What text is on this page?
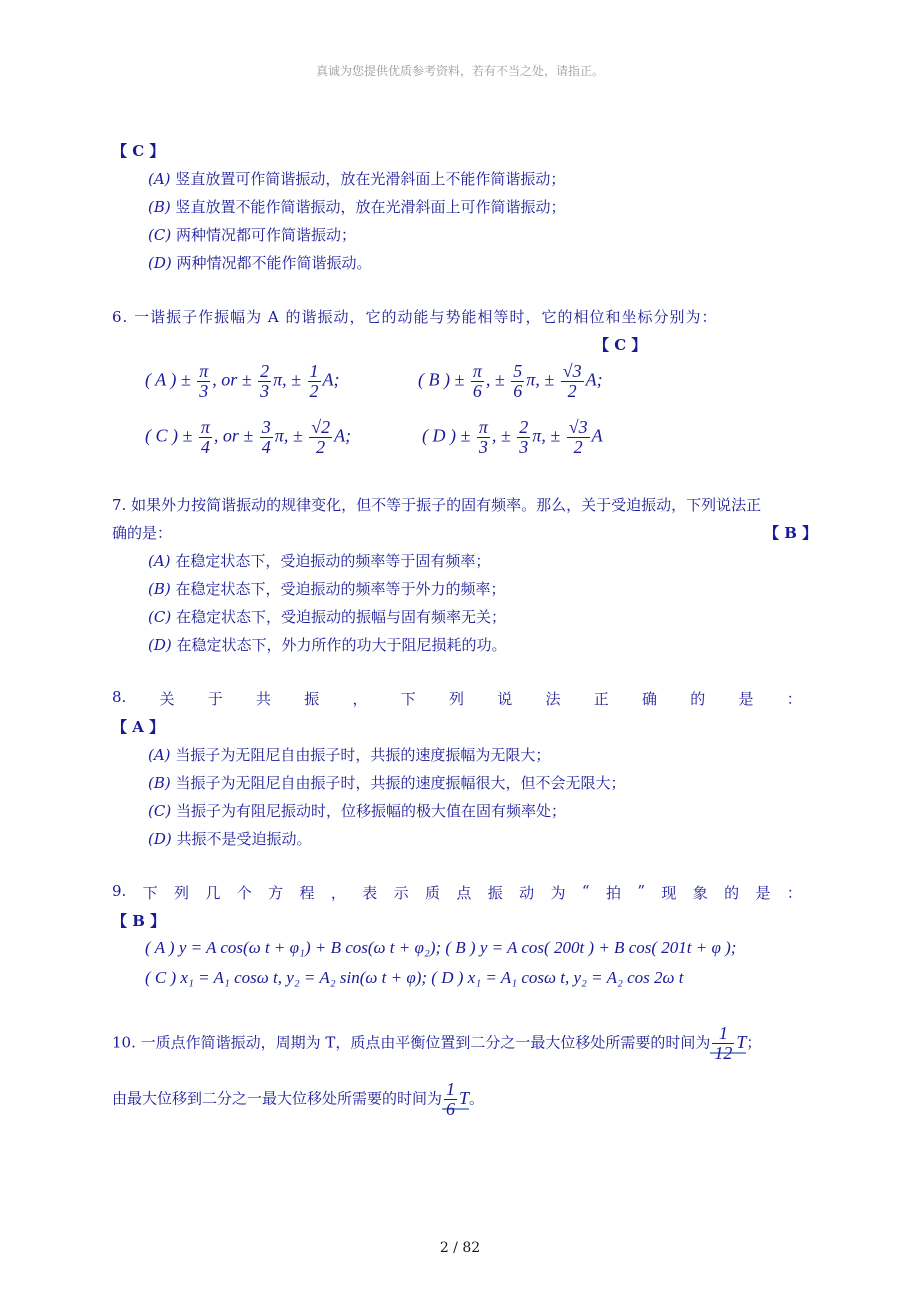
真诚为您提供优质参考资料，若有不当之处，请指正。
【 C 】
(A) 竖直放置可作简谐振动，放在光滑斜面上不能作简谐振动；
(B) 竖直放置不能作简谐振动，放在光滑斜面上可作简谐振动；
(C) 两种情况都可作简谐振动；
(D) 两种情况都不能作简谐振动。
6. 一谐振子作振幅为 A 的谐振动，它的动能与势能相等时，它的相位和坐标分别为：
【 C 】
( A ) ± $\frac{\pi}{3}$ , or ± $\frac{2}{3} \pi$, ± $\frac{1}{2} A$;	( B ) ± $\frac{\pi}{6}$ , ± $\frac{5}{6} \pi$, ± $\frac{√3}{2} A$;
( C ) ± $\frac{\pi}{4}$ , or ± $\frac{3}{4} \pi$, ± $\frac{√2}{2} A$;	( D ) ± $\frac{\pi}{3}$ , ± $\frac{2}{3} \pi$, ± $\frac{√3}{2}$ A
7. 如果外力按简谐振动的规律变化，但不等于振子的固有频率。那么，关于受迫振动，下列说法正
确的是：	【 B 】
(A) 在稳定状态下，受迫振动的频率等于固有频率；
(B) 在稳定状态下，受迫振动的频率等于外力的频率；
(C) 在稳定状态下，受迫振动的振幅与固有频率无关；
(D) 在稳定状态下，外力所作的功大于阻尼损耗的功。
8. 关 于 共 振 ， 下 列 说 法 正 确 的 是 ：
【 A 】
(A) 当振子为无阻尼自由振子时，共振的速度振幅为无限大；
(B) 当振子为无阻尼自由振子时，共振的速度振幅很大，但不会无限大；
(C) 当振子为有阻尼振动时，位移振幅的极大值在固有频率处；
(D) 共振不是受迫振动。
9. 下 列 几 个 方 程 ， 表 示 质 点 振 动 为 “ 拍 ” 现 象 的 是 ：
【 B 】
( A ) y = A cos(ω t + φ₁) + B cos(ω t + φ₂); ( B ) y = A cos( 200t ) + B cos( 201t + φ );
( C ) x₁ = A₁ cosω t, y₂ = A₂ sin(ω t + φ); ( D ) x₁ = A₁ cosω t, y₂ = A₂ cos 2ω t
10. 一质点作简谐振动，周期为 T，质点由平衡位置到二分之一最大位移处所需要的时间为 $\frac{1}{12}$ T；
由最大位移到二分之一最大位移处所需要的时间为 $\frac{1}{6}$ T。
2 / 82
